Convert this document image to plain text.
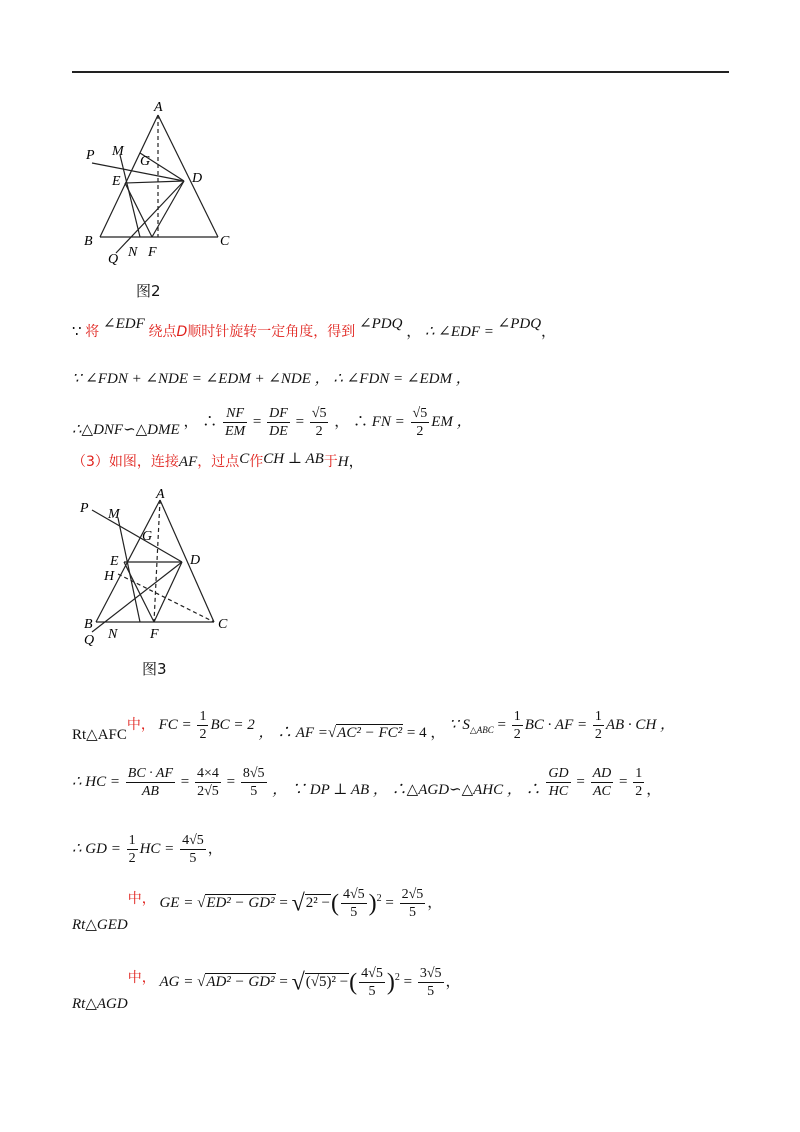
A
P M
G
E	D
B
N F
C
Q
图2
∵ 将 ∠EDF 绕点D顺时针旋转一定角度，得到 ∠PDQ ， ∴ ∠EDF = ∠PDQ，
∵ ∠FDN + ∠NDE = ∠EDM + ∠NDE ， ∴ ∠FDN = ∠EDM ，
∴△DNF∽△DME ， ∴ $\frac{NF}{EM} = \frac{DF}{DE} = \frac{√5}{2}$ ， ∴ FN = $\frac{√5}{2}$ EM ，
（3）如图，连接AF，过点C作CH ⊥ AB于H，
A
P M
G
E	D
H
B
Q N F
C
图3
Rt△AFC中， FC = $\frac{1}{2}$ BC = 2 ， ∴ AF =√AC² − FC² = 4 ， ∵ $S_{\triangle ABC} = \frac{1}{2}$ BC · AF = $\frac{1}{2}$ AB · CH ，
∴ HC = $\frac{BC \cdot AF}{AB} = \frac{4\times 4}{2√5} = \frac{8√5}{5}$ ， ∵ DP ⊥ AB ， ∴△AGD∽△AHC ， ∴ $\frac{GD}{HC} = \frac{AD}{AC} = \frac{1}{2}$ ，
∴ GD = $\frac{1}{2}$ HC = $\frac{4√5}{5}$ ，
Rt△GED中， GE = √ED² − GD² = √2² −( $\frac{4√5}{5} )^2 = \frac{2√5}{5}$ ，
Rt△AGD中， AG = √AD² − GD² = √(√5)² −( $\frac{4√5}{5} )^2 = \frac{3√5}{5}$ ，
